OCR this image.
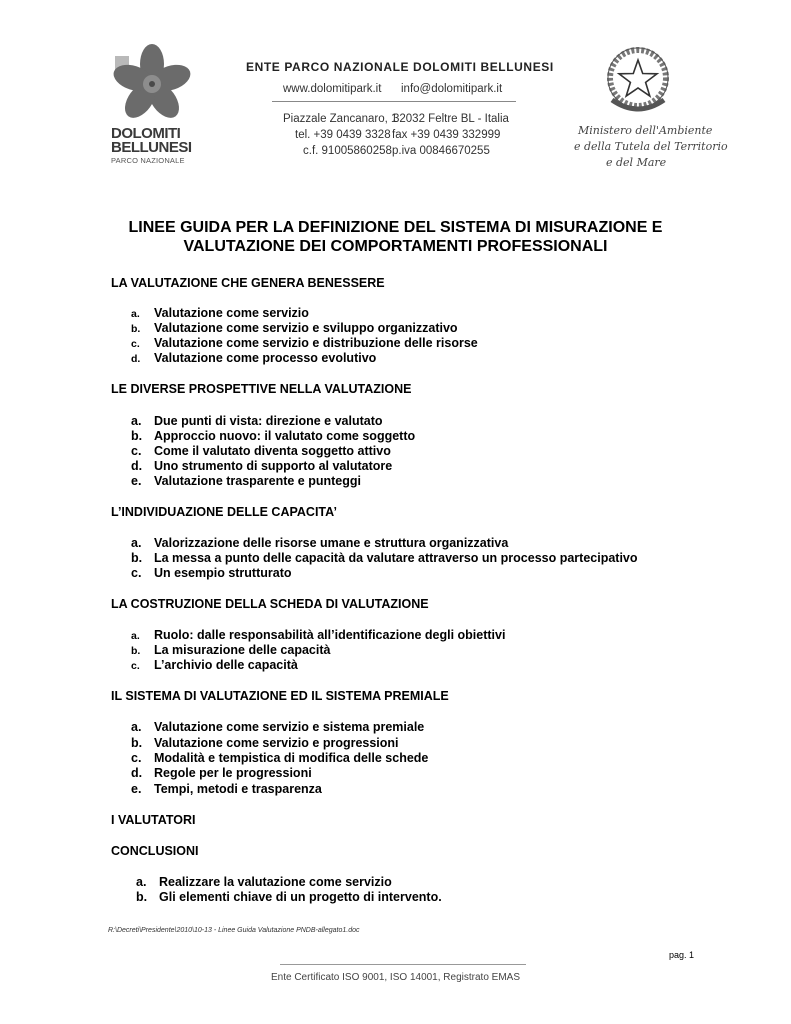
DOLOMITI
BELLUNESI
PARCO NAZIONALE
ENTE PARCO NAZIONALE DOLOMITI BELLUNESI
www.dolomitipark.it info@dolomitipark.it
Piazzale Zancanaro, 1
32032 Feltre BL - Italia
tel. +39 0439 3328 fax +39 0439 332999
c.f. 91005860258 p.iva 00846670255
Ministero dell'Ambiente
e della Tutela del Territorio
e del Mare
LINEE GUIDA PER LA DEFINIZIONE DEL SISTEMA DI MISURAZIONE E
VALUTAZIONE DEI COMPORTAMENTI PROFESSIONALI
LA VALUTAZIONE CHE GENERA BENESSERE
a. Valutazione come servizio
b. Valutazione come servizio e sviluppo organizzativo
c. Valutazione come servizio e distribuzione delle risorse
d. Valutazione come processo evolutivo
LE DIVERSE PROSPETTIVE NELLA VALUTAZIONE
a. Due punti di vista: direzione e valutato
b. Approccio nuovo: il valutato come soggetto
c. Come il valutato diventa soggetto attivo
d. Uno strumento di supporto al valutatore
e. Valutazione trasparente e punteggi
L’INDIVIDUAZIONE DELLE CAPACITA’
a. Valorizzazione delle risorse umane e struttura organizzativa
b. La messa a punto delle capacità da valutare attraverso un processo partecipativo
c. Un esempio strutturato
LA COSTRUZIONE DELLA SCHEDA DI VALUTAZIONE
a. Ruolo: dalle responsabilità all’identificazione degli obiettivi
b. La misurazione delle capacità
c. L’archivio delle capacità
IL SISTEMA DI VALUTAZIONE ED IL SISTEMA PREMIALE
a. Valutazione come servizio e sistema premiale
b. Valutazione come servizio e progressioni
c. Modalità e tempistica di modifica delle schede
d. Regole per le progressioni
e. Tempi, metodi e trasparenza
I VALUTATORI
CONCLUSIONI
a. Realizzare la valutazione come servizio
b. Gli elementi chiave di un progetto di intervento.
R:\Decreti\Presidente\2010\10-13 - Linee Guida Valutazione PNDB-allegato1.doc
pag. 1
Ente Certificato ISO 9001, ISO 14001, Registrato EMAS
